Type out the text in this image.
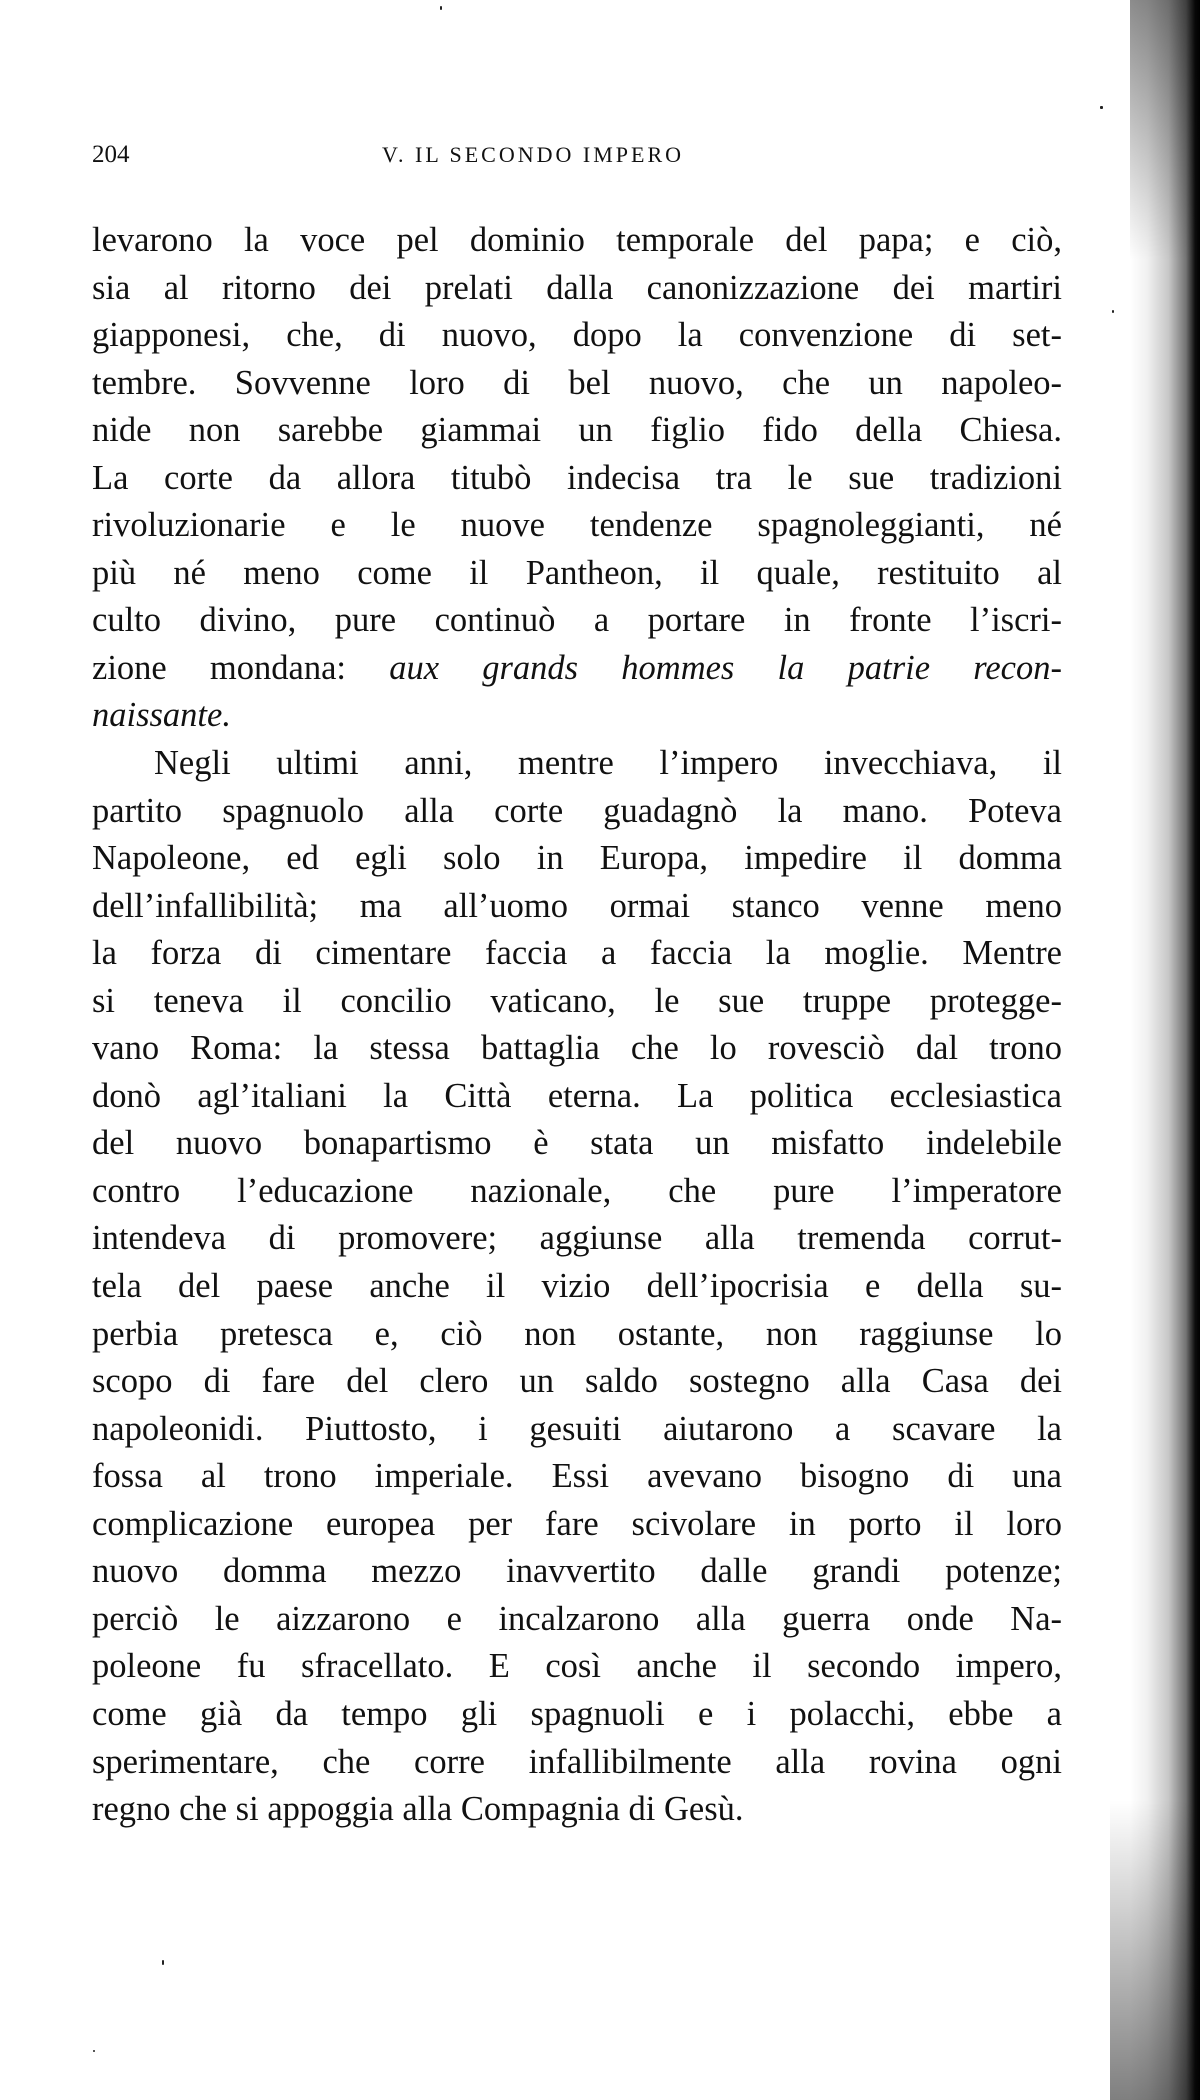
204	V. IL SECONDO IMPERO
levarono la voce pel dominio temporale del papa; e ciò,
sia al ritorno dei prelati dalla canonizzazione dei martiri
giapponesi, che, di nuovo, dopo la convenzione di set-
tembre. Sovvenne loro di bel nuovo, che un napoleo-
nide non sarebbe giammai un figlio fido della Chiesa.
La corte da allora titubò indecisa tra le sue tradizioni
rivoluzionarie e le nuove tendenze spagnoleggianti, né
più né meno come il Pantheon, il quale, restituito al
culto divino, pure continuò a portare in fronte l’iscri-
zione mondana: aux grands hommes la patrie recon-
naissante.
Negli ultimi anni, mentre l’impero invecchiava, il
partito spagnuolo alla corte guadagnò la mano. Poteva
Napoleone, ed egli solo in Europa, impedire il domma
dell’infallibilità; ma all’uomo ormai stanco venne meno
la forza di cimentare faccia a faccia la moglie. Mentre
si teneva il concilio vaticano, le sue truppe protegge-
vano Roma: la stessa battaglia che lo rovesciò dal trono
donò agl’italiani la Città eterna. La politica ecclesiastica
del nuovo bonapartismo è stata un misfatto indelebile
contro l’educazione nazionale, che pure l’imperatore
intendeva di promovere; aggiunse alla tremenda corrut-
tela del paese anche il vizio dell’ipocrisia e della su-
perbia pretesca e, ciò non ostante, non raggiunse lo
scopo di fare del clero un saldo sostegno alla Casa dei
napoleonidi. Piuttosto, i gesuiti aiutarono a scavare la
fossa al trono imperiale. Essi avevano bisogno di una
complicazione europea per fare scivolare in porto il loro
nuovo domma mezzo inavvertito dalle grandi potenze;
perciò le aizzarono e incalzarono alla guerra onde Na-
poleone fu sfracellato. E così anche il secondo impero,
come già da tempo gli spagnuoli e i polacchi, ebbe a
sperimentare, che corre infallibilmente alla rovina ogni
regno che si appoggia alla Compagnia di Gesù.
